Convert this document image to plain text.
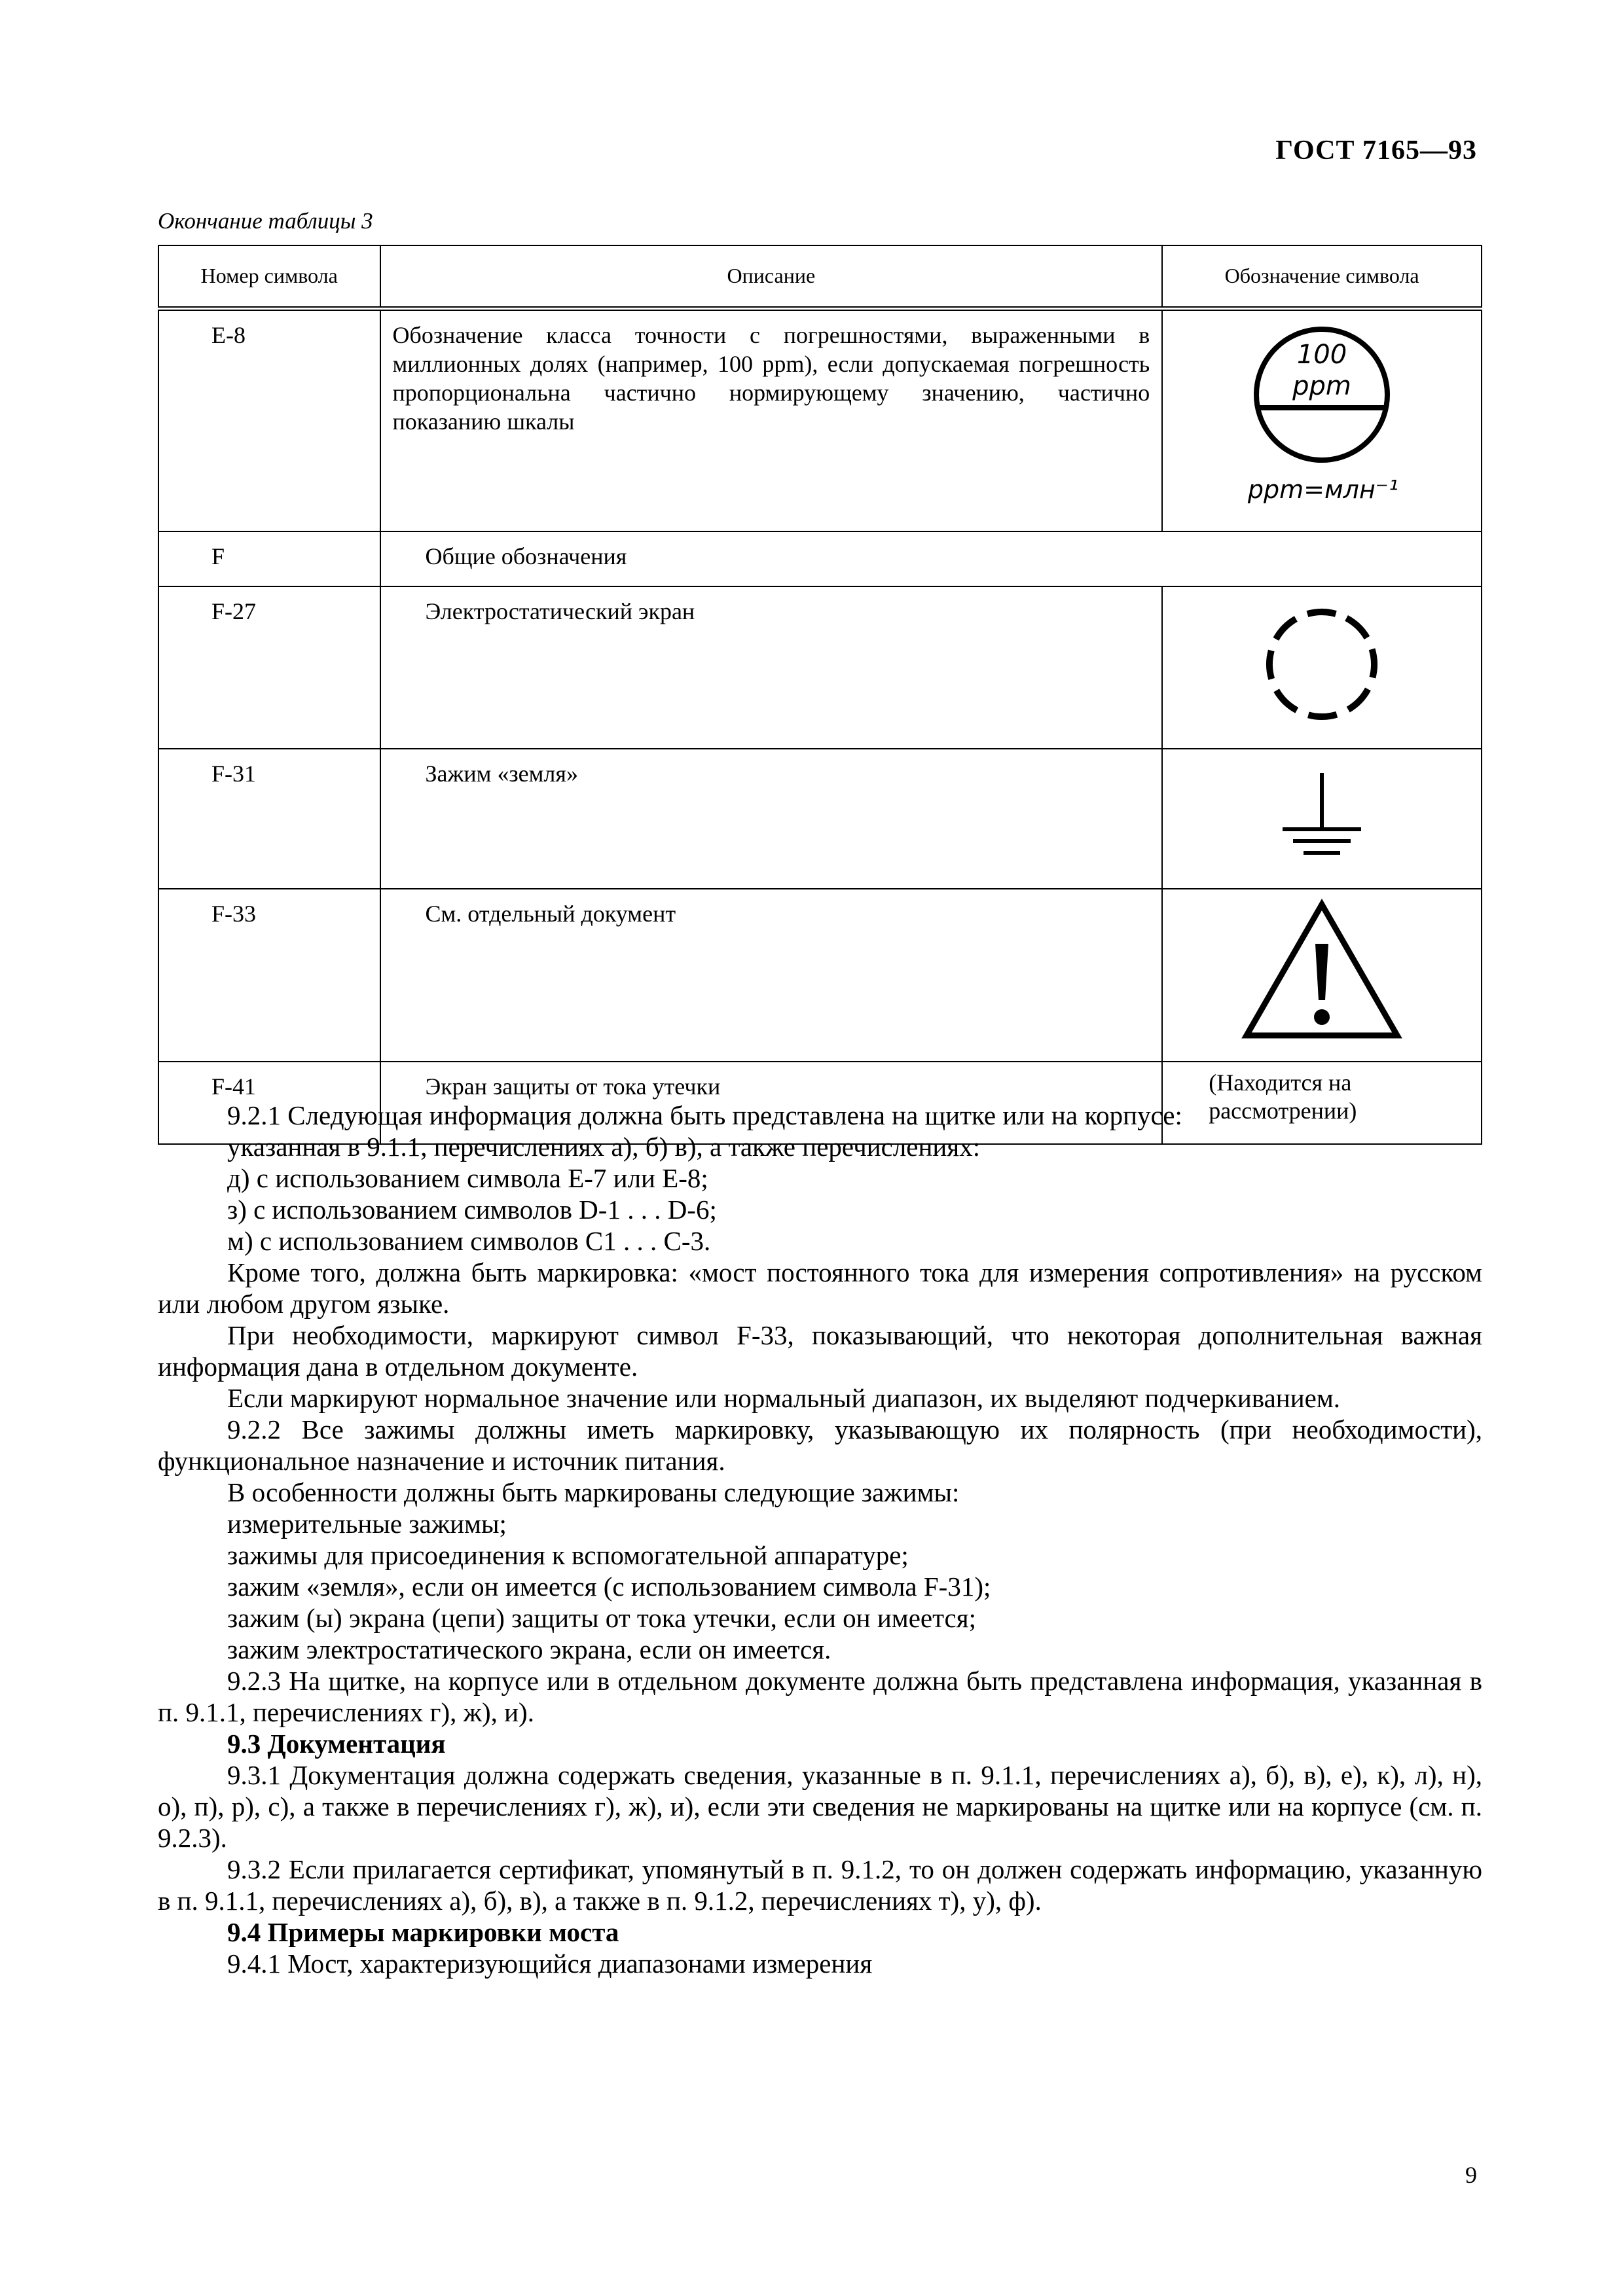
ГОСТ 7165—93
Окончание таблицы 3
Номер символа	Описание	Обозначение символа
E-8	Обозначение класса точности с погрешностями, выраженными в миллионных долях (например, 100 ppm), если допускаемая погрешность пропорциональна частично нормирующему значению, частично показанию шкалы	100
ppm
ppm=млн⁻¹

F	Общие обозначения	
F-27	Электростатический экран	
F-31	Зажим «земля»	
F-33	См. отдельный документ	
F-41	Экран защиты от тока утечки	(Находится на рассмотрении)

9.2.1 Следующая информация должна быть представлена на щитке или на корпусе:

указанная в 9.1.1, перечислениях а), б) в), а также перечислениях:

д) с использованием символа Е-7 или Е-8;

з) с использованием символов D-1 . . . D-6;

м) с использованием символов С1 . . . С-3.

Кроме того, должна быть маркировка: «мост постоянного тока для измерения сопротивления» на русском или любом другом языке.

При необходимости, маркируют символ F-33, показывающий, что некоторая дополнительная важная информация дана в отдельном документе.

Если маркируют нормальное значение или нормальный диапазон, их выделяют подчеркиванием.

9.2.2 Все зажимы должны иметь маркировку, указывающую их полярность (при необходимости), функциональное назначение и источник питания.

В особенности должны быть маркированы следующие зажимы:

измерительные зажимы;

зажимы для присоединения к вспомогательной аппаратуре;

зажим «земля», если он имеется (с использованием символа F-31);

зажим (ы) экрана (цепи) защиты от тока утечки, если он имеется;

зажим электростатического экрана, если он имеется.

9.2.3 На щитке, на корпусе или в отдельном документе должна быть представлена информация, указанная в п. 9.1.1, перечислениях г), ж), и).

9.3 Документация

9.3.1 Документация должна содержать сведения, указанные в п. 9.1.1, перечислениях а), б), в), е), к), л), н), о), п), р), с), а также в перечислениях г), ж), и), если эти сведения не маркированы на щитке или на корпусе (см. п. 9.2.3).

9.3.2 Если прилагается сертификат, упомянутый в п. 9.1.2, то он должен содержать информацию, указанную в п. 9.1.1, перечислениях а), б), в), а также в п. 9.1.2, перечислениях т), у), ф).

9.4 Примеры маркировки моста

9.4.1 Мост, характеризующийся диапазонами измерения

9
